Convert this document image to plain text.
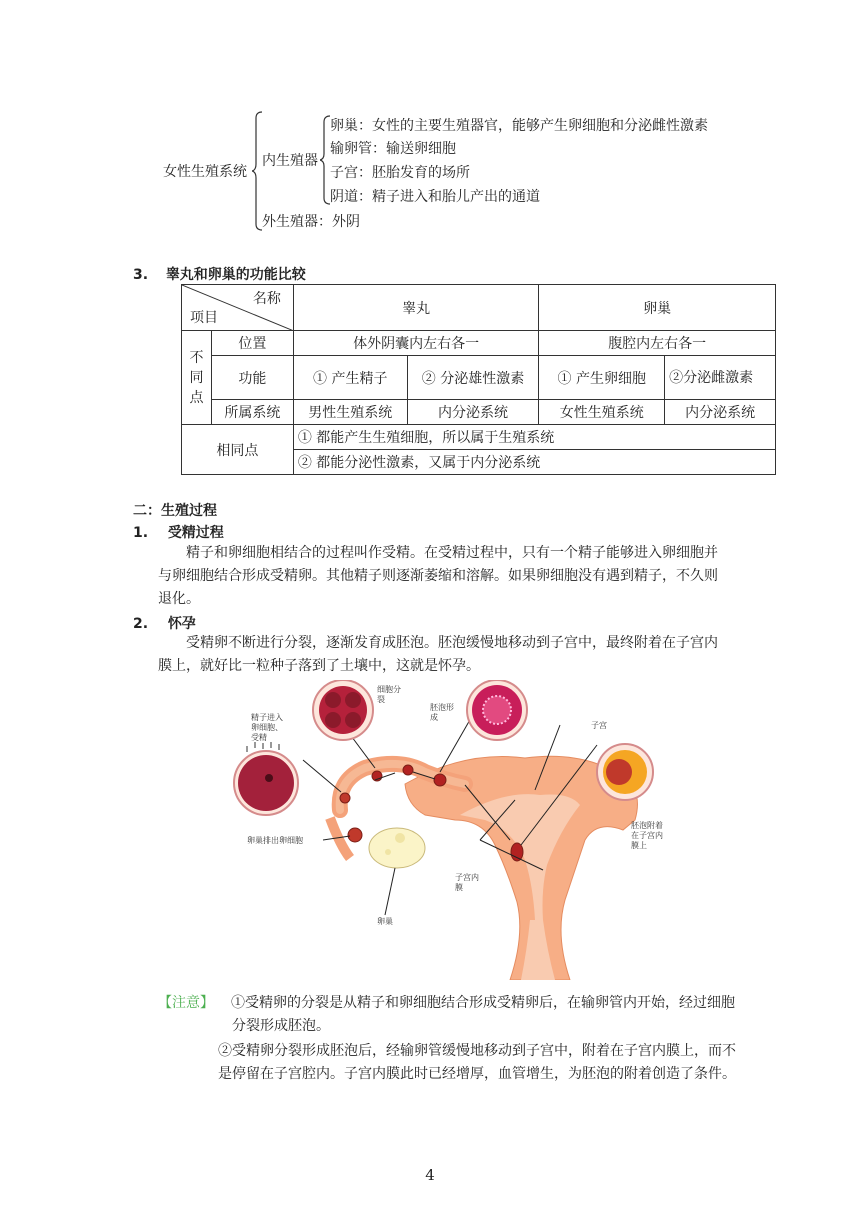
女性生殖系统
内生殖器
外生殖器：外阴
卵巢：女性的主要生殖器官，能够产生卵细胞和分泌雌性激素
输卵管：输送卵细胞
子宫：胚胎发育的场所
阴道：精子进入和胎儿产出的通道
3. 睾丸和卵巢的功能比较
名称
项目		睾丸		卵巢	
不同点	位置	体外阴囊内左右各一		腹腔内左右各一	
	功能	① 产生精子	② 分泌雄性激素	① 产生卵细胞	②分泌雌激素
	所属系统	男性生殖系统	内分泌系统	女性生殖系统	内分泌系统
相同点		① 都能产生生殖细胞，所以属于生殖系统			
		② 都能分泌性激素，又属于内分泌系统			
二：生殖过程
1. 受精过程
精子和卵细胞相结合的过程叫作受精。在受精过程中，只有一个精子能够进入卵细胞并与卵细胞结合形成受精卵。其他精子则逐渐萎缩和溶解。如果卵细胞没有遇到精子，不久则退化。
2. 怀孕
受精卵不断进行分裂，逐渐发育成胚泡。胚泡缓慢地移动到子宫中，最终附着在子宫内膜上，就好比一粒种子落到了土壤中，这就是怀孕。
精子进入卵细胞、受精
细胞分裂
胚泡形成
子宫
胚泡附着在子宫内膜上
卵巢排出卵细胞
子宫内膜
卵巢
【注意】 ①受精卵的分裂是从精子和卵细胞结合形成受精卵后，在输卵管内开始，经过细胞分裂形成胚泡。
②受精卵分裂形成胚泡后，经输卵管缓慢地移动到子宫中，附着在子宫内膜上，而不是停留在子宫腔内。子宫内膜此时已经增厚，血管增生，为胚泡的附着创造了条件。
4
